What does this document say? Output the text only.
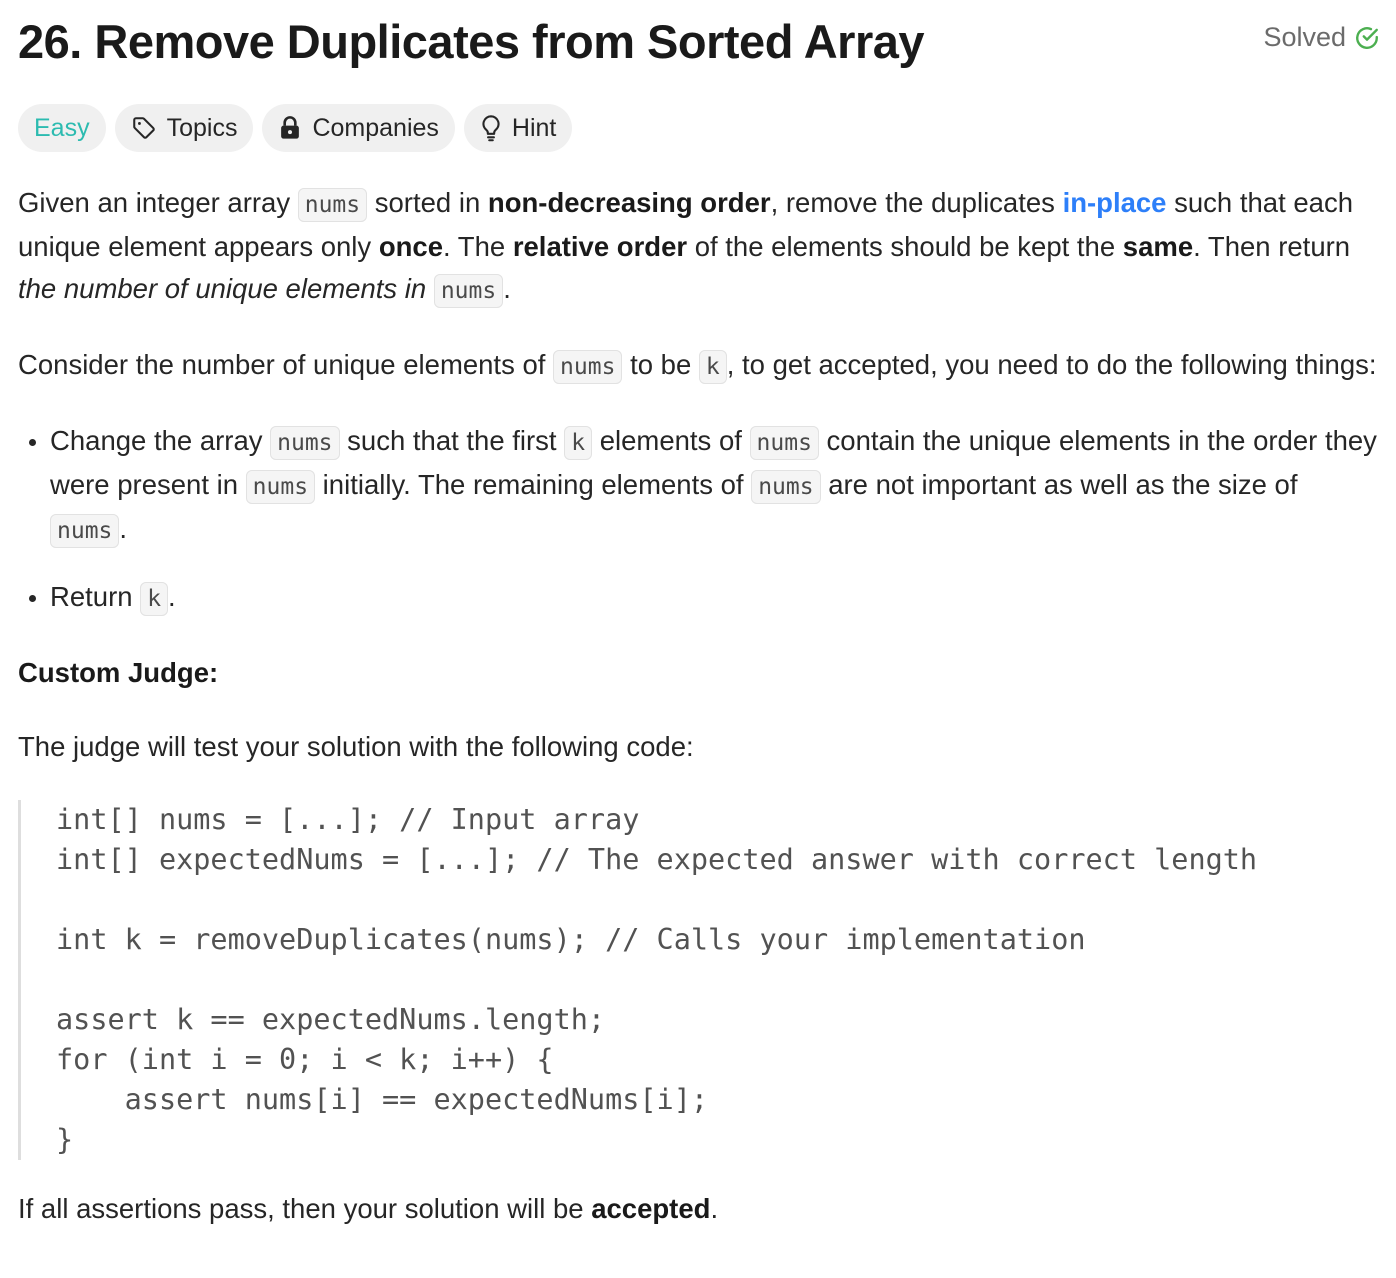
26. Remove Duplicates from Sorted Array	Solved
Easy	Topics	Companies	Hint

Given an integer array nums sorted in non-decreasing order, remove the duplicates in-place such that each unique element appears only once. The relative order of the elements should be kept the same. Then return the number of unique elements in nums .

Consider the number of unique elements of nums to be k , to get accepted, you need to do the following things:

• Change the array nums such that the first k elements of nums contain the unique elements in the order they were present in nums initially. The remaining elements of nums are not important as well as the size of nums .
• Return k .

Custom Judge:

The judge will test your solution with the following code:

int[] nums = [...]; // Input array
int[] expectedNums = [...]; // The expected answer with correct length

int k = removeDuplicates(nums); // Calls your implementation

assert k == expectedNums.length;
for (int i = 0; i < k; i++) {
assert nums[i] == expectedNums[i];
}

If all assertions pass, then your solution will be accepted.
